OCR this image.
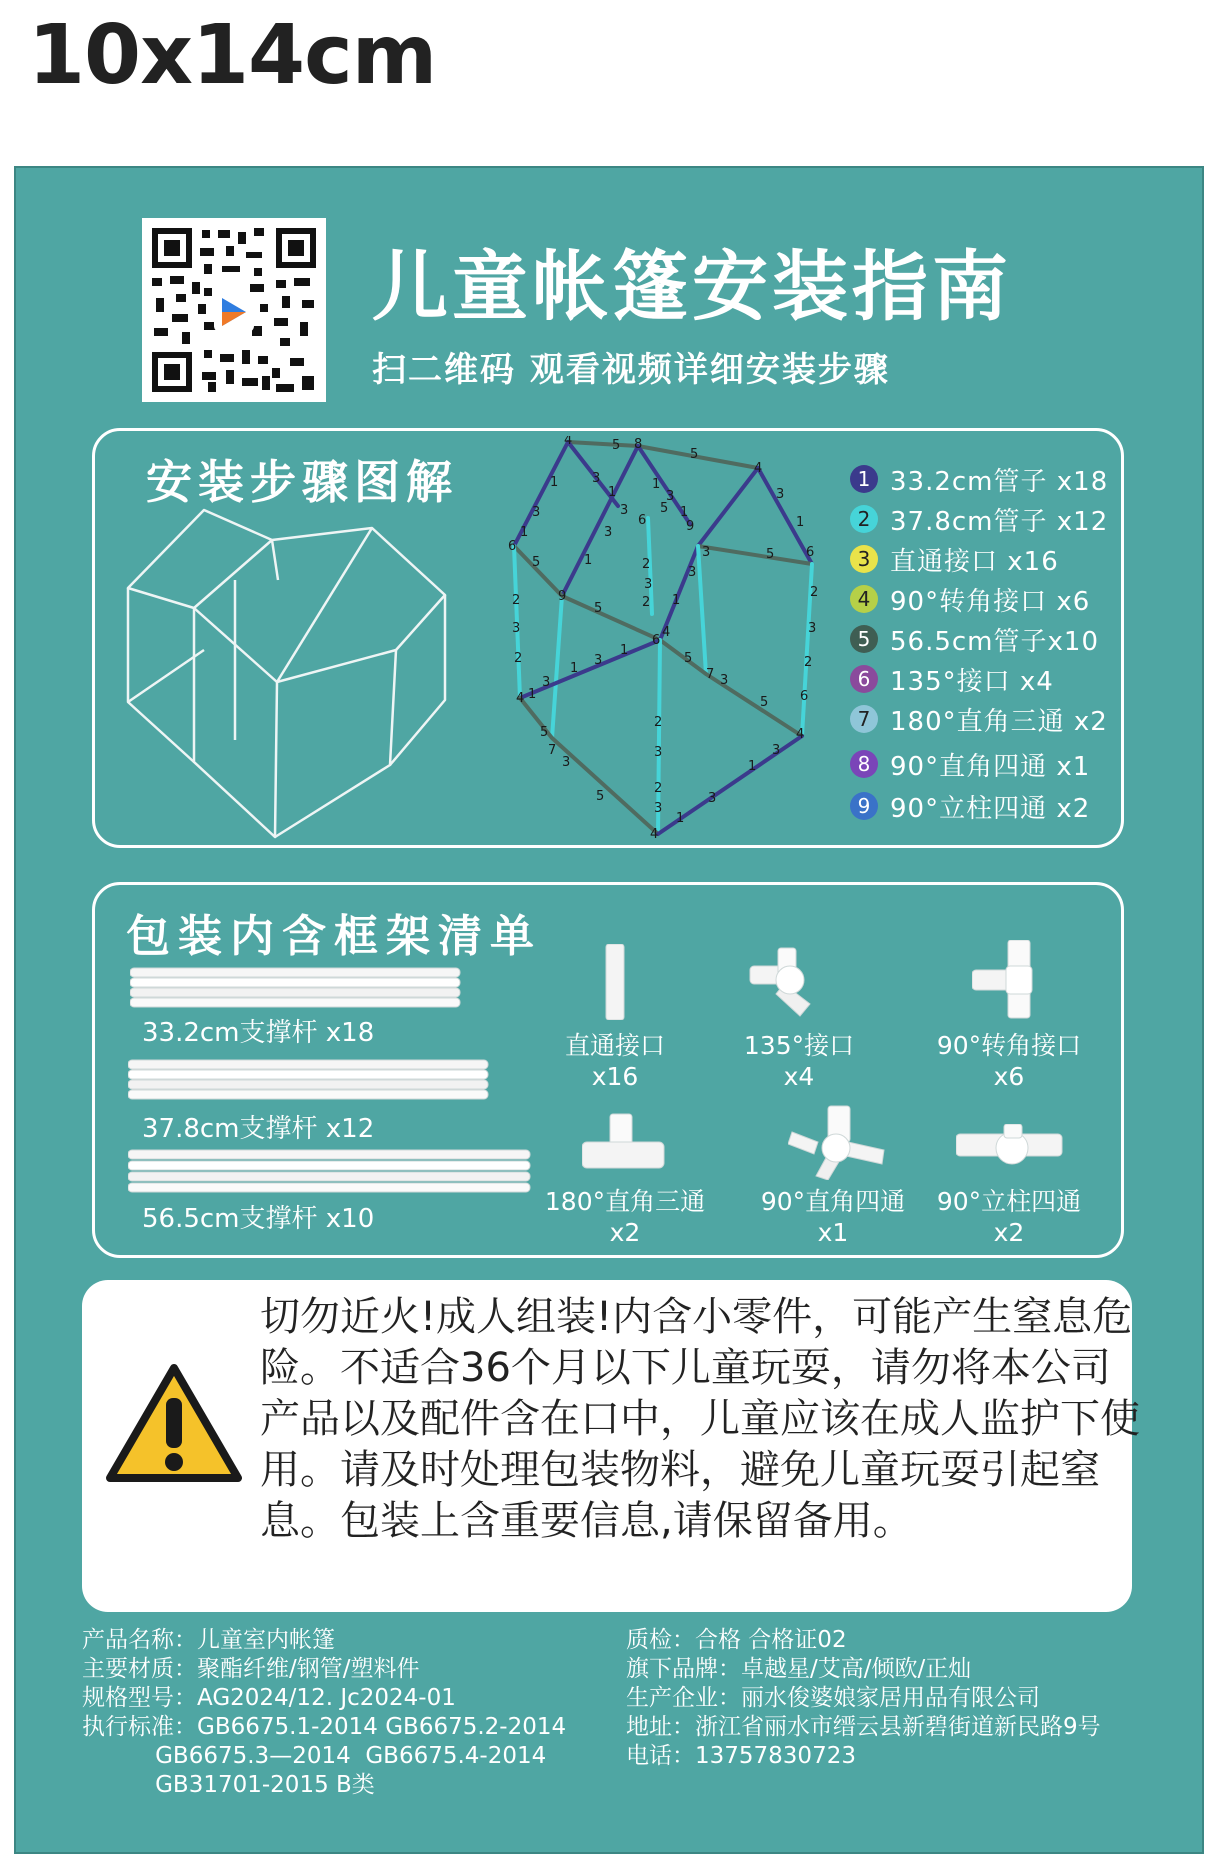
10x14cm
儿童帐篷安装指南
扫二维码 观看视频详细安装步骤
安装步骤图解
4	5 8
5
4
1
3
1
6
3
1
1
3
1
5
6	9
3
1
6
3
3
1
9
5
2
3
2
4
2
3
2
5
6
4
1
3
3	5
2
3
2
6
1
3
1
3
1
5
7 3
5
4
5
7
3
5
2
3
2
3
4
3
1
3
1
1 33.2cm管子 x18
2 37.8cm管子 x12
3 直通接口 x16
4 90°转角接口 x6
5 56.5cm管子x10
6 135°接口 x4
7 180°直角三通 x2
8 90°直角四通 x1
9 90°立柱四通 x2
包装内含框架清单
33.2cm支撑杆 x18
37.8cm支撑杆 x12
56.5cm支撑杆 x10
直通接口
x16
135°接口
x4
90°转角接口
x6
180°直角三通
x2
90°直角四通
x1
90°立柱四通
x2
切勿近火!成人组装!内含小零件，可能产生窒息危险。不适合36个月以下儿童玩耍，请勿将本公司产品以及配件含在口中，儿童应该在成人监护下使用。请及时处理包装物料，避免儿童玩耍引起窒息。包装上含重要信息,请保留备用。
产品名称：儿童室内帐篷
主要材质：聚酯纤维/钢管/塑料件
规格型号：AG2024/12. Jc2024-01
执行标准：GB6675.1-2014 GB6675.2-2014
GB6675.3—2014  GB6675.4-2014
GB31701-2015 B类
质检：合格 合格证02
旗下品牌：卓越星/艾高/倾欧/正灿
生产企业：丽水俊婆娘家居用品有限公司
地址：浙江省丽水市缙云县新碧街道新民路9号
电话：13757830723
